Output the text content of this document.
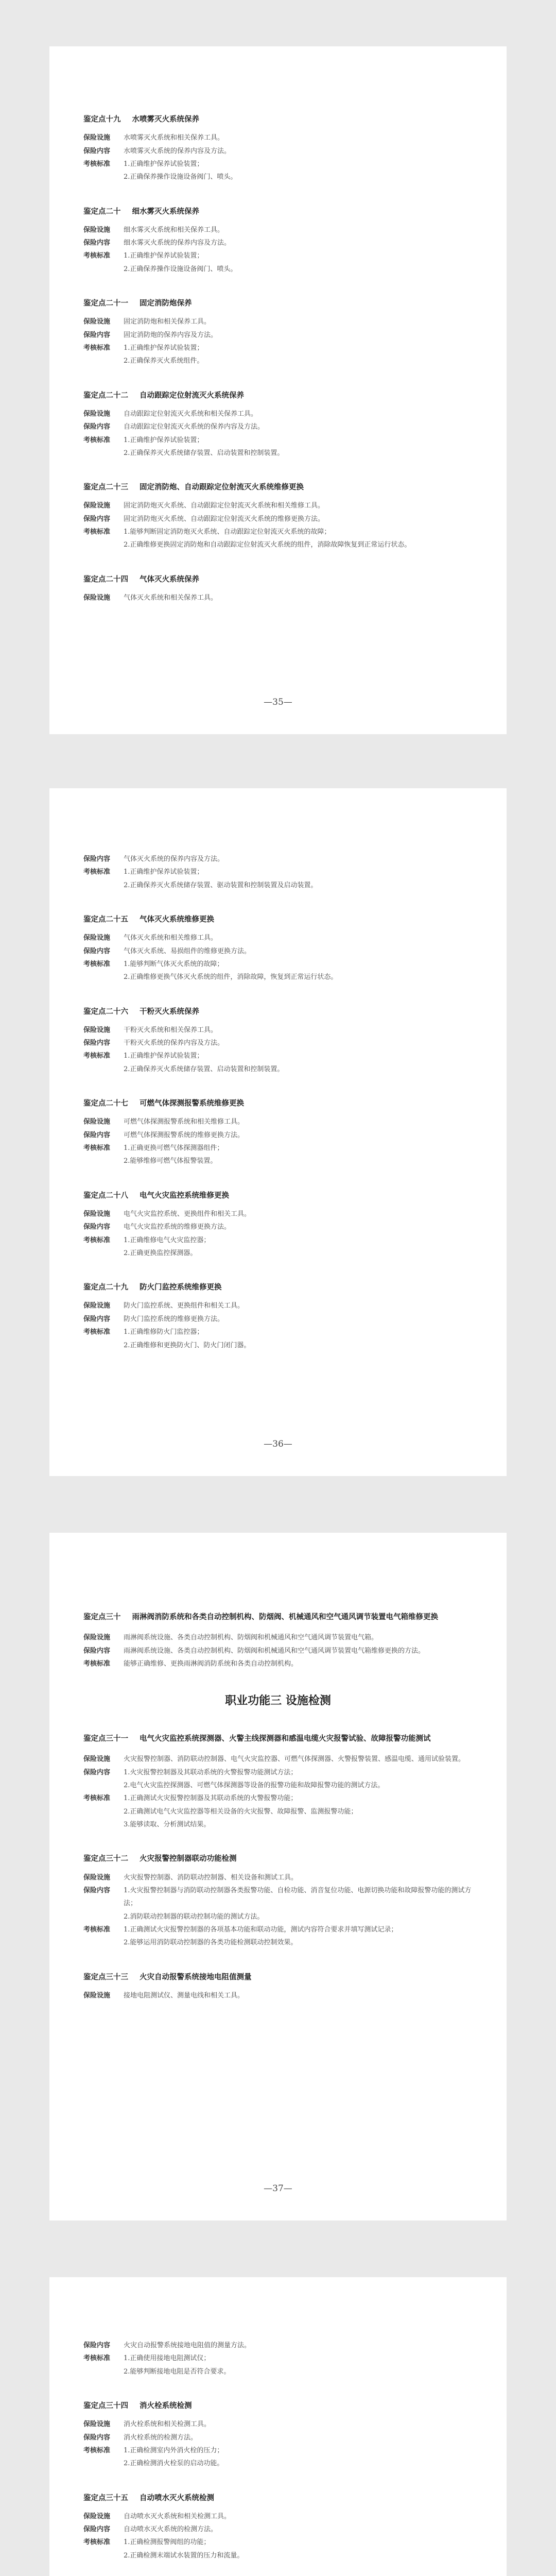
鉴定点十九 水喷雾灭火系统保养
保险设施	水喷雾灭火系统和相关保养工具。
保险内容	水喷雾灭火系统的保养内容及方法。
考核标准	1.正确维护保养试验装置；
2.正确保养操作设施设备阀门、喷头。
鉴定点二十 细水雾灭火系统保养
保险设施	细水雾灭火系统和相关保养工具。
保险内容	细水雾灭火系统的保养内容及方法。
考核标准	1.正确维护保养试验装置；
2.正确保养操作设施设备阀门、喷头。
鉴定点二十一 固定消防炮保养
保险设施	固定消防炮和相关保养工具。
保险内容	固定消防炮的保养内容及方法。
考核标准	1.正确维护保养试验装置；
2.正确保养灭火系统组件。
鉴定点二十二 自动跟踪定位射流灭火系统保养
保险设施	自动跟踪定位射流灭火系统和相关保养工具。
保险内容	自动跟踪定位射流灭火系统的保养内容及方法。
考核标准	1.正确维护保养试验装置；
2.正确保养灭火系统储存装置、启动装置和控制装置。
鉴定点二十三 固定消防炮、自动跟踪定位射流灭火系统维修更换
保险设施	固定消防炮灭火系统、自动跟踪定位射流灭火系统和相关维修工具。
保险内容	固定消防炮灭火系统、自动跟踪定位射流灭火系统的维修更换方法。
考核标准	1.能够判断固定消防炮灭火系统、自动跟踪定位射流灭火系统的故障；
2.正确维修更换固定消防炮和自动跟踪定位射流灭火系统的组件，消除故障恢复到正常运行状态。
鉴定点二十四 气体灭火系统保养
保险设施	气体灭火系统和相关保养工具。
—35—
保险内容	气体灭火系统的保养内容及方法。
考核标准	1.正确维护保养试验装置；
2.正确保养灭火系统储存装置、驱动装置和控制装置及启动装置。
鉴定点二十五 气体灭火系统维修更换
保险设施	气体灭火系统和相关维修工具。
保险内容	气体灭火系统、易损组件的维修更换方法。
考核标准	1.能够判断气体灭火系统的故障；
2.正确维修更换气体灭火系统的组件，消除故障，恢复到正常运行状态。
鉴定点二十六 干粉灭火系统保养
保险设施	干粉灭火系统和相关保养工具。
保险内容	干粉灭火系统的保养内容及方法。
考核标准	1.正确维护保养试验装置；
2.正确保养灭火系统储存装置、启动装置和控制装置。
鉴定点二十七 可燃气体探测报警系统维修更换
保险设施	可燃气体探测报警系统和相关维修工具。
保险内容	可燃气体探测报警系统的维修更换方法。
考核标准	1.正确更换可燃气体探测器组件；
2.能够维修可燃气体报警装置。
鉴定点二十八 电气火灾监控系统维修更换
保险设施	电气火灾监控系统、更换组件和相关工具。
保险内容	电气火灾监控系统的维修更换方法。
考核标准	1.正确维修电气火灾监控器；
2.正确更换监控探测器。
鉴定点二十九 防火门监控系统维修更换
保险设施	防火门监控系统、更换组件和相关工具。
保险内容	防火门监控系统的维修更换方法。
考核标准	1.正确维修防火门监控器；
2.正确维修和更换防火门、防火门闭门器。
—36—
鉴定点三十 雨淋阀消防系统和各类自动控制机构、防烟阀、机械通风和空气通风调节装置电气箱维修更换
保险设施	雨淋阀系统设施、各类自动控制机构、防烟阀和机械通风和空气通风调节装置电气箱。
保险内容	雨淋阀系统设施、各类自动控制机构、防烟阀和机械通风和空气通风调节装置电气箱维修更换的方法。
考核标准	能够正确维修、更换雨淋阀消防系统和各类自动控制机构。
职业功能三 设施检测
鉴定点三十一 电气火灾监控系统探测器、火警主线探测器和感温电缆火灾报警试验、故障报警功能测试
保险设施	火灾报警控制器、消防联动控制器、电气火灾监控器、可燃气体探测器、火警报警装置、感温电缆、通用试验装置。
保险内容	1.火灾报警控制器及其联动系统的火警报警功能测试方法；
2.电气火灾监控探测器、可燃气体探测器等设备的报警功能和故障报警功能的测试方法。
考核标准	1.正确测试火灾报警控制器及其联动系统的火警报警功能；
2.正确测试电气火灾监控器等相关设备的火灾报警、故障报警、监测报警功能；
3.能够读取、分析测试结果。
鉴定点三十二 火灾报警控制器联动功能检测
保险设施	火灾报警控制器、消防联动控制器、相关设备和测试工具。
保险内容	1.火灾报警控制器与消防联动控制器各类报警功能、自检功能、消音复位功能、电源切换功能和故障报警功能的测试方法；
2.消防联动控制器的联动控制功能的测试方法。
考核标准	1.正确测试火灾报警控制器的各项基本功能和联动功能，测试内容符合要求并填写测试记录；
2.能够运用消防联动控制器的各类功能检测联动控制效果。
鉴定点三十三 火灾自动报警系统接地电阻值测量
保险设施	接地电阻测试仪、测量电线和相关工具。
—37—
保险内容	火灾自动报警系统接地电阻值的测量方法。
考核标准	1.正确使用接地电阻测试仪；
2.能够判断接地电阻是否符合要求。
鉴定点三十四 消火栓系统检测
保险设施	消火栓系统和相关检测工具。
保险内容	消火栓系统的检测方法。
考核标准	1.正确检测室内外消火栓的压力；
2.正确检测消火栓泵的启动功能。
鉴定点三十五 自动喷水灭火系统检测
保险设施	自动喷水灭火系统和相关检测工具。
保险内容	自动喷水灭火系统的检测方法。
考核标准	1.正确检测报警阀组的功能；
2.正确检测末端试水装置的压力和流量。
